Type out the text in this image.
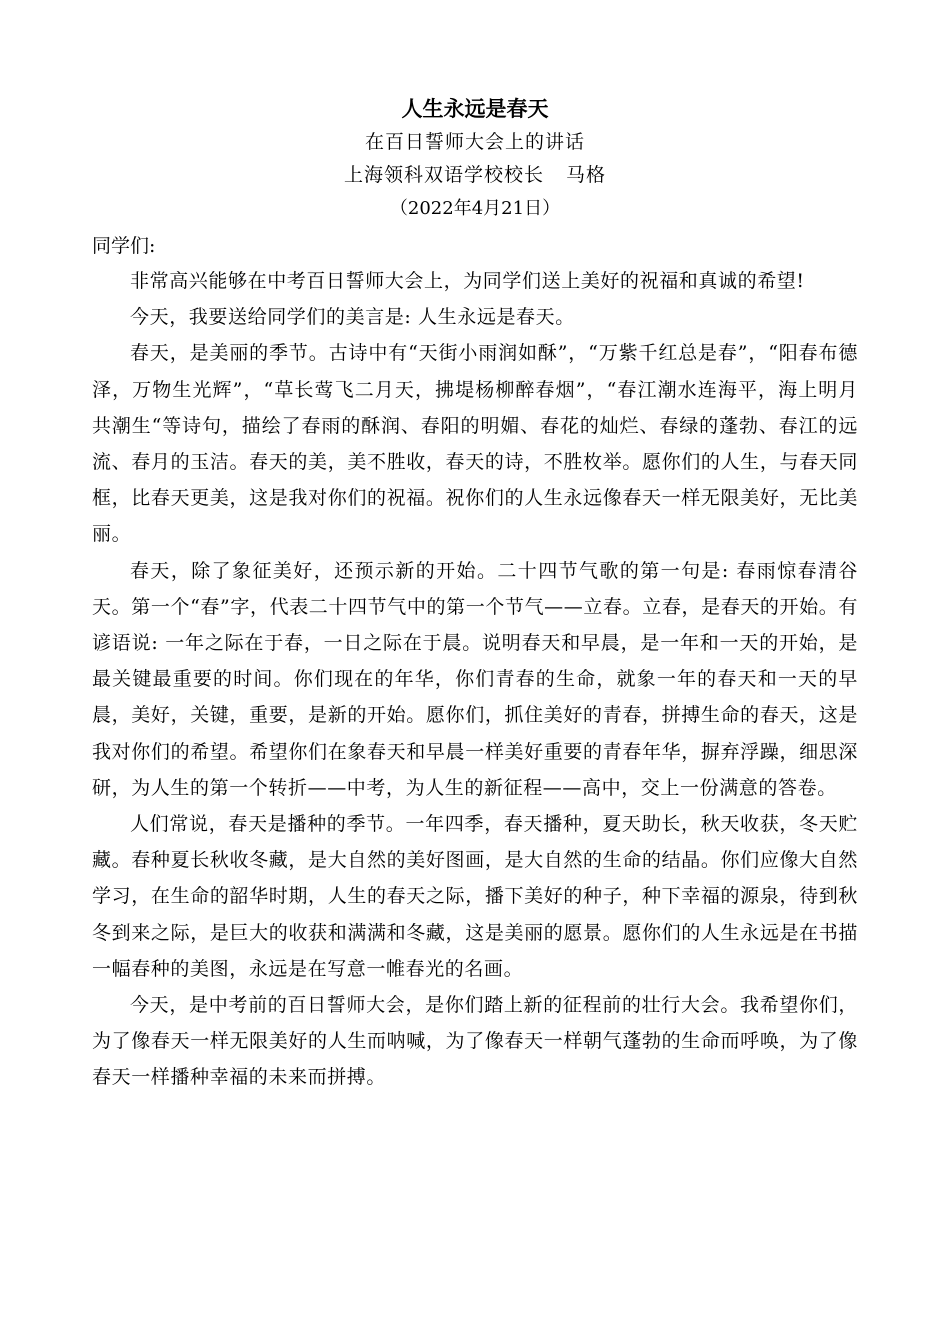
人生永远是春天

在百日誓师大会上的讲话

上海领科双语学校校长 马格

（2022年4月21日）

同学们:

非常高兴能够在中考百日誓师大会上，为同学们送上美好的祝福和真诚的希望!

今天，我要送给同学们的美言是: 人生永远是春天。

春天，是美丽的季节。古诗中有“天街小雨润如酥”，“万紫千红总是春”，“阳春布德泽，万物生光辉”，“草长莺飞二月天，拂堤杨柳醉春烟”，“春江潮水连海平，海上明月共潮生“等诗句，描绘了春雨的酥润、春阳的明媚、春花的灿烂、春绿的蓬勃、春江的远流、春月的玉洁。春天的美，美不胜收，春天的诗，不胜枚举。愿你们的人生，与春天同框，比春天更美，这是我对你们的祝福。祝你们的人生永远像春天一样无限美好，无比美丽。

春天，除了象征美好，还预示新的开始。二十四节气歌的第一句是: 春雨惊春清谷天。第一个“春”字，代表二十四节气中的第一个节气——立春。立春，是春天的开始。有谚语说: 一年之际在于春，一日之际在于晨。说明春天和早晨，是一年和一天的开始，是最关键最重要的时间。你们现在的年华，你们青春的生命，就象一年的春天和一天的早晨，美好，关键，重要，是新的开始。愿你们，抓住美好的青春，拼搏生命的春天，这是我对你们的希望。希望你们在象春天和早晨一样美好重要的青春年华，摒弃浮躁，细思深研，为人生的第一个转折——中考，为人生的新征程——高中，交上一份满意的答卷。

人们常说，春天是播种的季节。一年四季，春天播种，夏天助长，秋天收获，冬天贮藏。春种夏长秋收冬藏，是大自然的美好图画，是大自然的生命的结晶。你们应像大自然学习，在生命的韶华时期，人生的春天之际，播下美好的种子，种下幸福的源泉，待到秋冬到来之际，是巨大的收获和满满和冬藏，这是美丽的愿景。愿你们的人生永远是在书描一幅春种的美图，永远是在写意一帷春光的名画。

今天，是中考前的百日誓师大会，是你们踏上新的征程前的壮行大会。我希望你们，为了像春天一样无限美好的人生而呐喊，为了像春天一样朝气蓬勃的生命而呼唤，为了像春天一样播种幸福的未来而拼搏。
